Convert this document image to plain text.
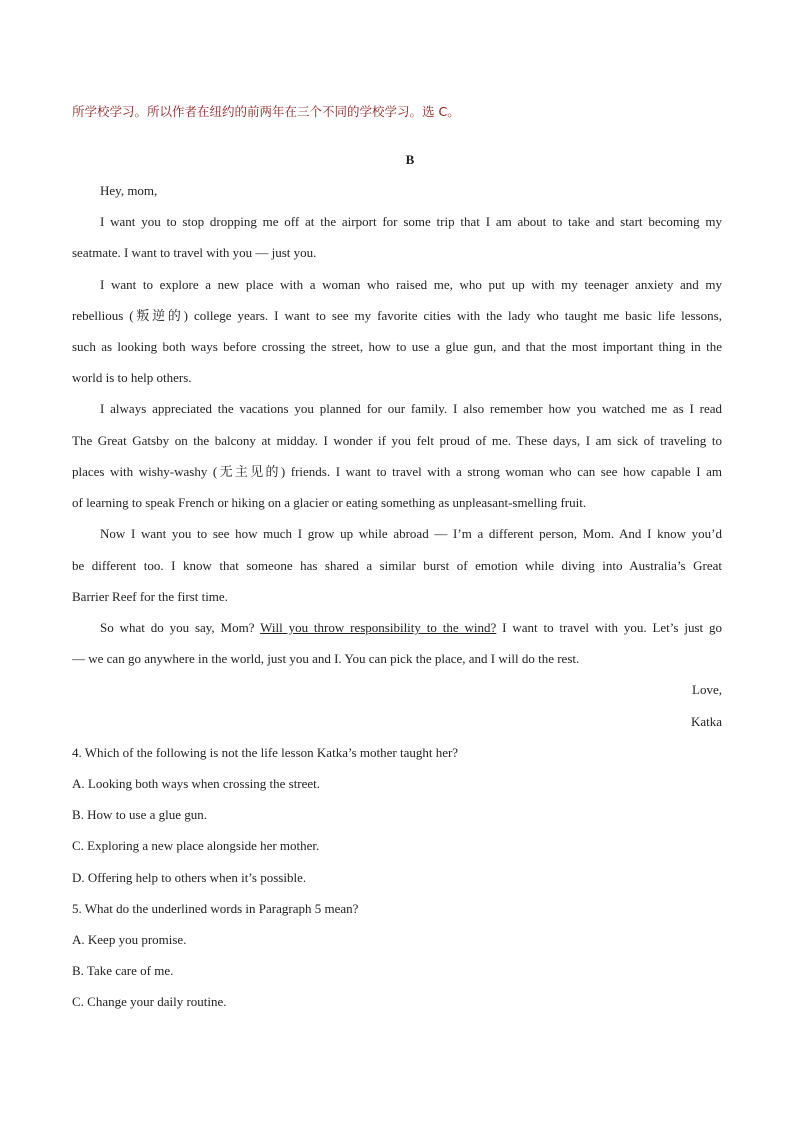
所学校学习。所以作者在纽约的前两年在三个不同的学校学习。选 C。
B
Hey, mom,
I want you to stop dropping me off at the airport for some trip that I am about to take and start becoming my
seatmate. I want to travel with you — just you.
I want to explore a new place with a woman who raised me, who put up with my teenager anxiety and my
rebellious (叛逆的) college years. I want to see my favorite cities with the lady who taught me basic life lessons,
such as looking both ways before crossing the street, how to use a glue gun, and that the most important thing in the
world is to help others.
I always appreciated the vacations you planned for our family. I also remember how you watched me as I read
The Great Gatsby on the balcony at midday. I wonder if you felt proud of me. These days, I am sick of traveling to
places with wishy-washy (无主见的) friends. I want to travel with a strong woman who can see how capable I am
of learning to speak French or hiking on a glacier or eating something as unpleasant-smelling fruit.
Now I want you to see how much I grow up while abroad — I’m a different person, Mom. And I know you’d
be different too. I know that someone has shared a similar burst of emotion while diving into Australia’s Great
Barrier Reef for the first time.
So what do you say, Mom? Will you throw responsibility to the wind? I want to travel with you. Let’s just go
— we can go anywhere in the world, just you and I. You can pick the place, and I will do the rest.
Love,
Katka
4. Which of the following is not the life lesson Katka’s mother taught her?
A. Looking both ways when crossing the street.
B. How to use a glue gun.
C. Exploring a new place alongside her mother.
D. Offering help to others when it’s possible.
5. What do the underlined words in Paragraph 5 mean?
A. Keep you promise.
B. Take care of me.
C. Change your daily routine.
